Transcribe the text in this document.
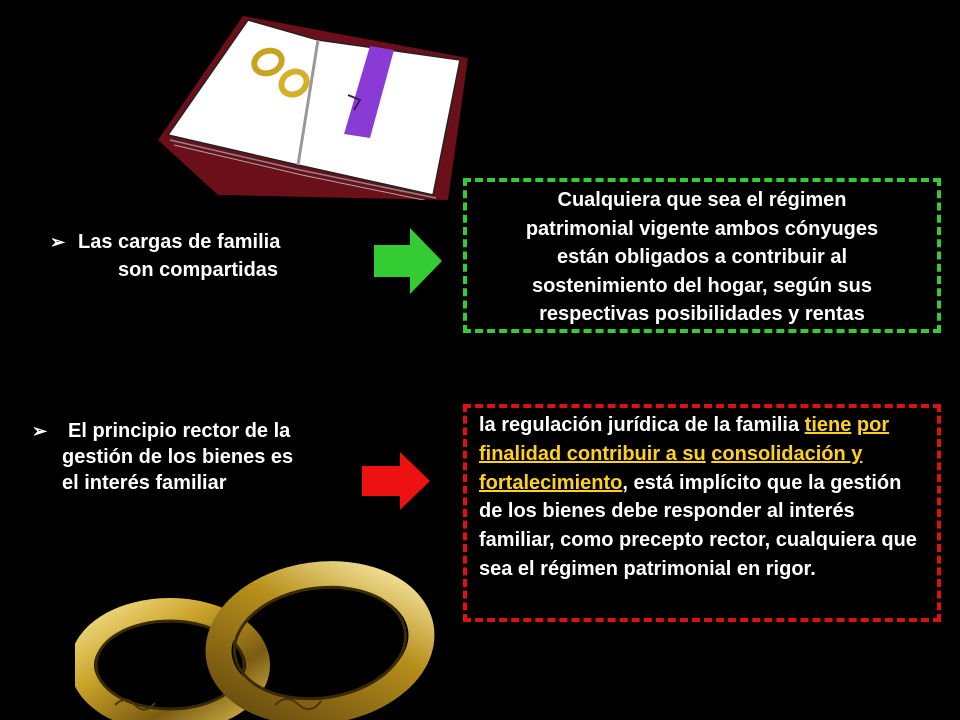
➢ Las cargas de familia
son compartidas
Cualquiera que sea el régimen
patrimonial vigente ambos cónyuges
están obligados a contribuir al
sostenimiento del hogar, según sus
respectivas posibilidades y rentas
➢ El principio rector de la
gestión de los bienes es
el interés familiar
la regulación jurídica de la familia tiene por finalidad contribuir a su consolidación y fortalecimiento, está implícito que la gestión de los bienes debe responder al interés familiar, como precepto rector, cualquiera que sea el régimen patrimonial en rigor.
